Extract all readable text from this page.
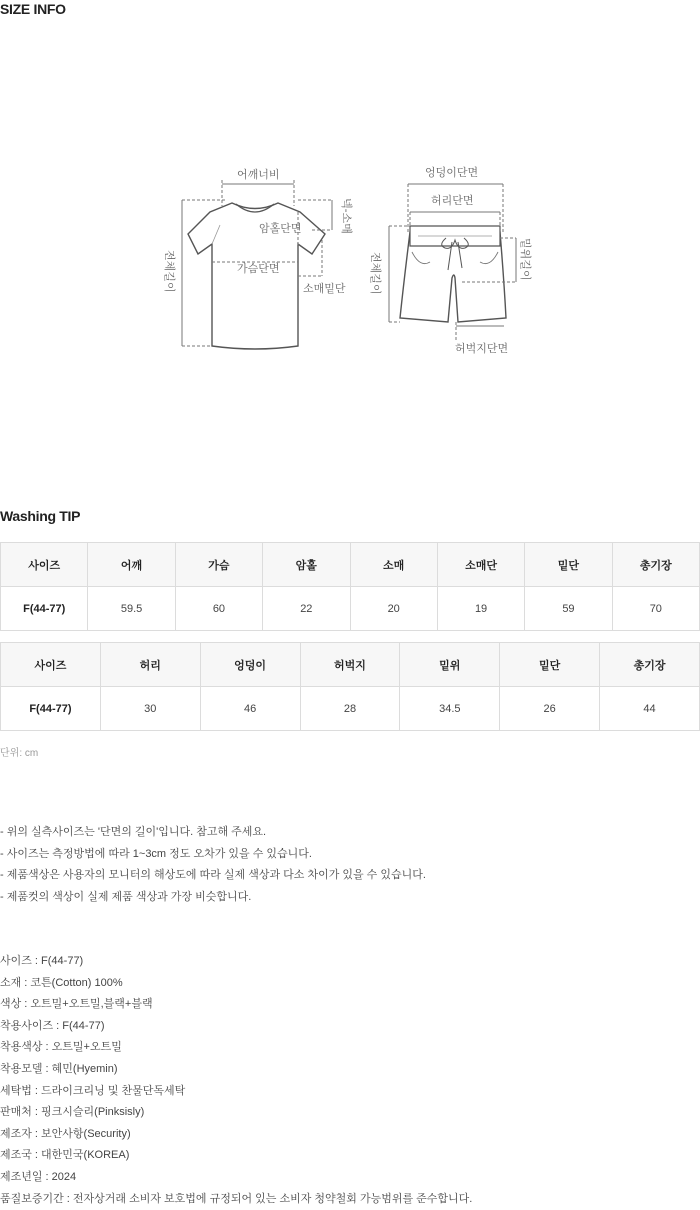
SIZE INFO
어깨너비
암홀단면
가슴단면
소매밑단
넥-소매
전체길이
엉덩이단면
허리단면
밑위길이
전체길이
허벅지단면
Washing TIP
사이즈	어깨	가슴	암홀	소매	소매단	밑단	총기장
F(44-77)	59.5	60	22	20	19	59	70
사이즈	허리	엉덩이	허벅지	밑위	밑단	총기장
F(44-77)	30	46	28	34.5	26	44
단위: cm
- 위의 실측사이즈는 '단면의 길이'입니다. 참고해 주세요.
- 사이즈는 측정방법에 따라 1~3cm 정도 오차가 있을 수 있습니다.
- 제품색상은 사용자의 모니터의 해상도에 따라 실제 색상과 다소 차이가 있을 수 있습니다.
- 제품컷의 색상이 실제 제품 색상과 가장 비슷합니다.
사이즈 : F(44-77)
소재 : 코튼(Cotton) 100%
색상 : 오트밀+오트밀,블랙+블랙
착용사이즈 : F(44-77)
착용색상 : 오트밀+오트밀
착용모델 : 혜민(Hyemin)
세탁법 : 드라이크리닝 및 찬물단독세탁
판매처 : 핑크시슬리(Pinksisly)
제조자 : 보안사항(Security)
제조국 : 대한민국(KOREA)
제조년일 : 2024
품질보증기간 : 전자상거래 소비자 보호법에 규정되어 있는 소비자 청약철회 가능범위를 준수합니다.
